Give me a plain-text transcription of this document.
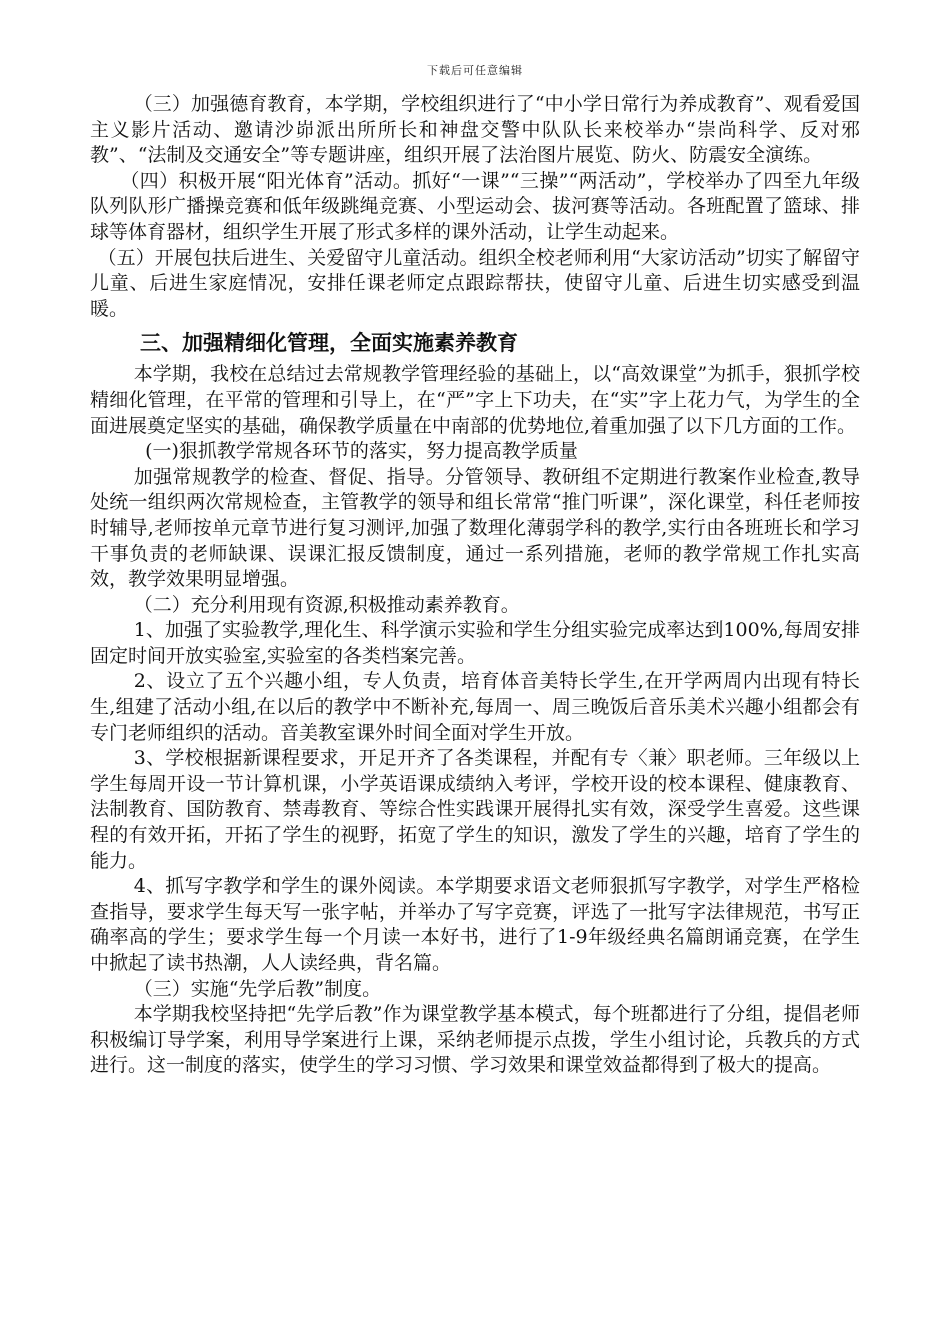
下载后可任意编辑

（三）加强德育教育，本学期，学校组织进行了“中小学日常行为养成教育”、观看爱国主义影片活动、邀请沙峁派出所所长和神盘交警中队队长来校举办“崇尚科学、反对邪教”、“法制及交通安全”等专题讲座，组织开展了法治图片展览、防火、防震安全演练。

（四）积极开展“阳光体育”活动。抓好“一课”“三操”“两活动”，学校举办了四至九年级队列队形广播操竞赛和低年级跳绳竞赛、小型运动会、拔河赛等活动。各班配置了篮球、排球等体育器材，组织学生开展了形式多样的课外活动，让学生动起来。

（五）开展包扶后进生、关爱留守儿童活动。组织全校老师利用“大家访活动”切实了解留守儿童、后进生家庭情况，安排任课老师定点跟踪帮扶，使留守儿童、后进生切实感受到温暖。

三、加强精细化管理，全面实施素养教育

本学期，我校在总结过去常规教学管理经验的基础上，以“高效课堂”为抓手，狠抓学校精细化管理，在平常的管理和引导上，在“严”字上下功夫，在“实”字上花力气，为学生的全面进展奠定坚实的基础，确保教学质量在中南部的优势地位,着重加强了以下几方面的工作。

(一)狠抓教学常规各环节的落实，努力提高教学质量

加强常规教学的检查、督促、指导。分管领导、教研组不定期进行教案作业检查,教导处统一组织两次常规检查，主管教学的领导和组长常常“推门听课”，深化课堂，科任老师按时辅导,老师按单元章节进行复习测评,加强了数理化薄弱学科的教学,实行由各班班长和学习干事负责的老师缺课、误课汇报反馈制度，通过一系列措施，老师的教学常规工作扎实高效，教学效果明显增强。

（二）充分利用现有资源,积极推动素养教育。

1、加强了实验教学,理化生、科学演示实验和学生分组实验完成率达到100%,每周安排固定时间开放实验室,实验室的各类档案完善。

2、设立了五个兴趣小组，专人负责，培育体音美特长学生,在开学两周内出现有特长生,组建了活动小组,在以后的教学中不断补充,每周一、周三晚饭后音乐美术兴趣小组都会有专门老师组织的活动。音美教室课外时间全面对学生开放。

3、学校根据新课程要求，开足开齐了各类课程，并配有专〈兼〉职老师。三年级以上学生每周开设一节计算机课，小学英语课成绩纳入考评，学校开设的校本课程、健康教育、法制教育、国防教育、禁毒教育、等综合性实践课开展得扎实有效，深受学生喜爱。这些课程的有效开拓，开拓了学生的视野，拓宽了学生的知识，激发了学生的兴趣，培育了学生的能力。

4、抓写字教学和学生的课外阅读。本学期要求语文老师狠抓写字教学，对学生严格检查指导，要求学生每天写一张字帖，并举办了写字竞赛，评选了一批写字法律规范，书写正确率高的学生；要求学生每一个月读一本好书，进行了1-9年级经典名篇朗诵竞赛，在学生中掀起了读书热潮，人人读经典，背名篇。

（三）实施“先学后教”制度。

本学期我校坚持把“先学后教”作为课堂教学基本模式，每个班都进行了分组，提倡老师积极编订导学案，利用导学案进行上课，采纳老师提示点拨，学生小组讨论，兵教兵的方式进行。这一制度的落实，使学生的学习习惯、学习效果和课堂效益都得到了极大的提高。
